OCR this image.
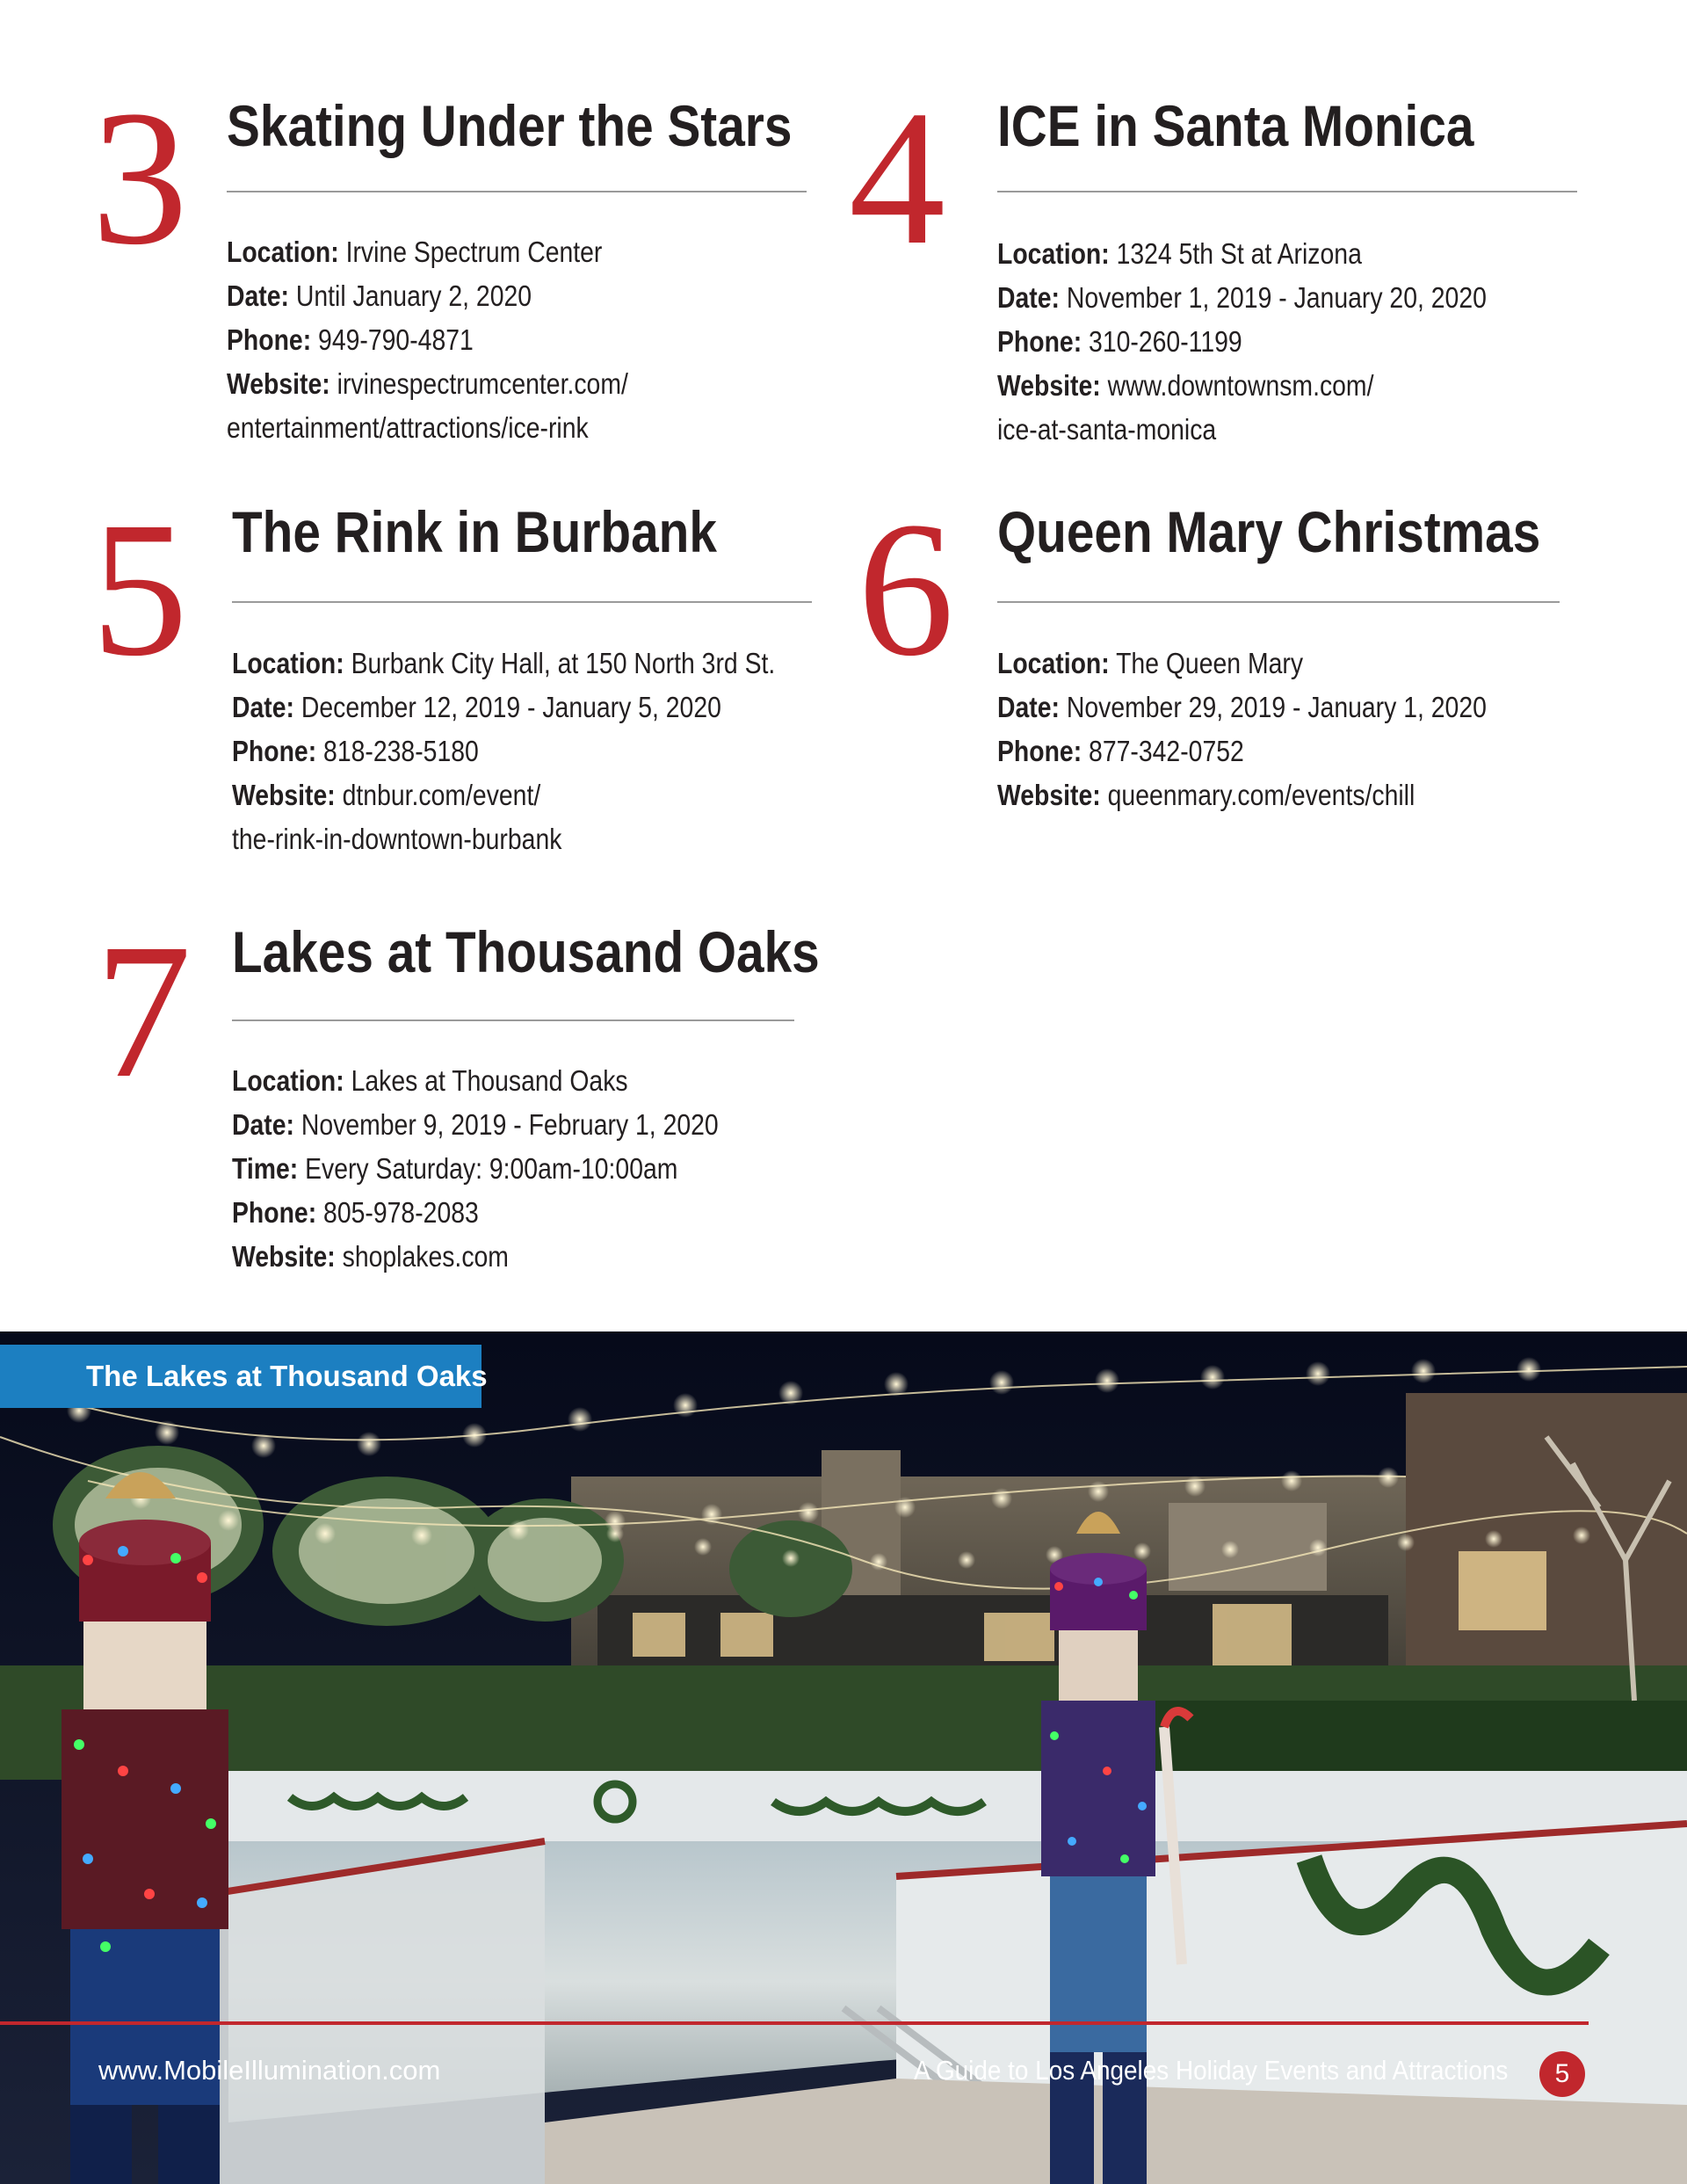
3 Skating Under the Stars
Location: Irvine Spectrum Center
Date: Until January 2, 2020
Phone: 949-790-4871
Website: irvinespectrumcenter.com/
entertainment/attractions/ice-rink
4 ICE in Santa Monica
Location: 1324 5th St at Arizona
Date: November 1, 2019 - January 20, 2020
Phone: 310-260-1199
Website: www.downtownsm.com/
ice-at-santa-monica
5 The Rink in Burbank
Location: Burbank City Hall, at 150 North 3rd St.
Date: December 12, 2019 - January 5, 2020
Phone: 818-238-5180
Website: dtnbur.com/event/
the-rink-in-downtown-burbank
6 Queen Mary Christmas
Location: The Queen Mary
Date: November 29, 2019 - January 1, 2020
Phone: 877-342-0752
Website: queenmary.com/events/chill
7 Lakes at Thousand Oaks
Location: Lakes at Thousand Oaks
Date: November 9, 2019 - February 1, 2020
Time: Every Saturday: 9:00am-10:00am
Phone: 805-978-2083
Website: shoplakes.com
The Lakes at Thousand Oaks
www.MobileIllumination.com	A Guide to Los Angeles Holiday Events and Attractions	5
